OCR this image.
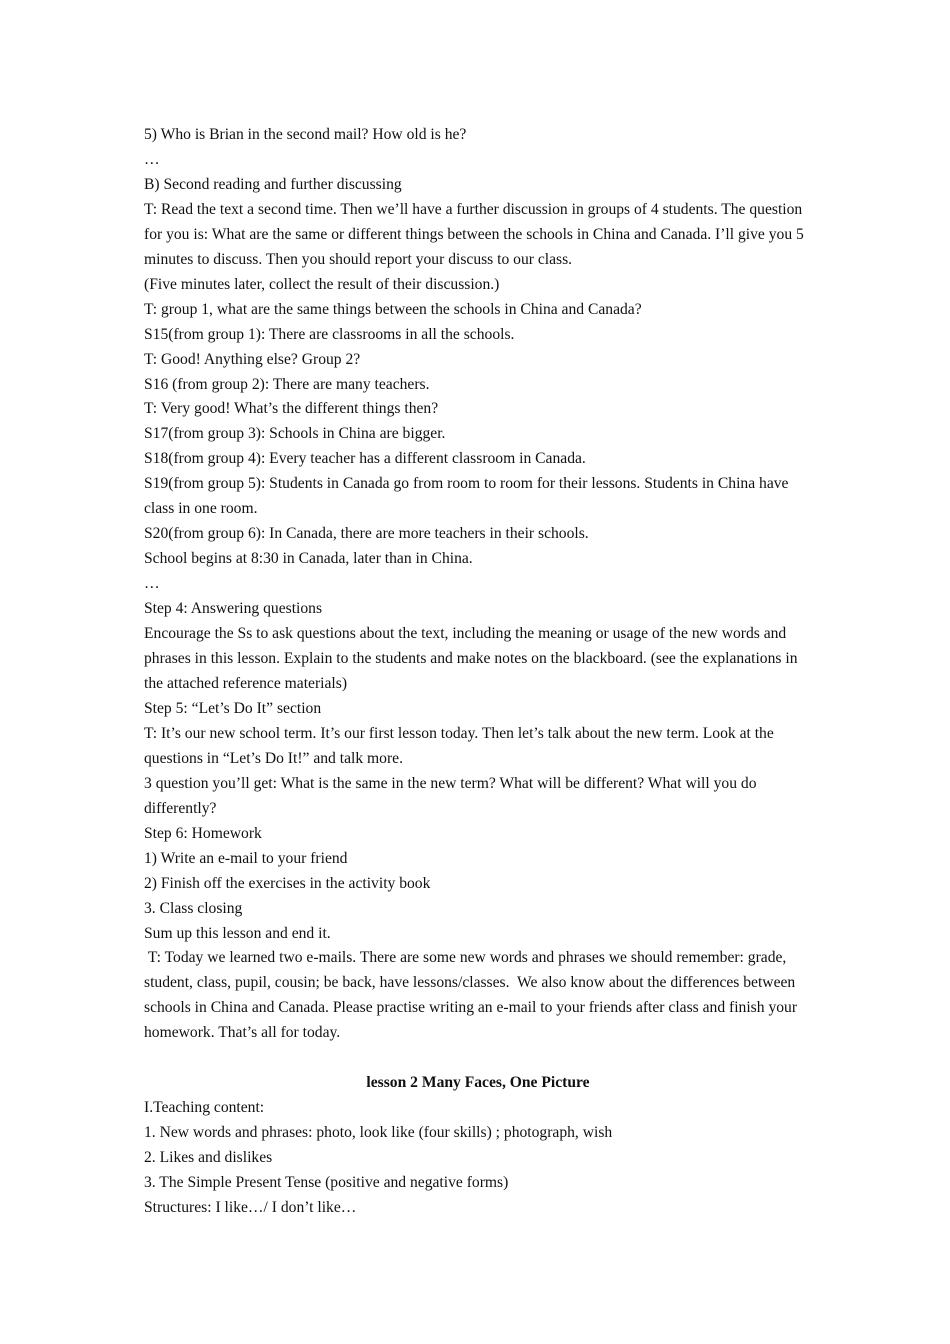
5) Who is Brian in the second mail? How old is he?

…

B) Second reading and further discussing

T: Read the text a second time. Then we’ll have a further discussion in groups of 4 students. The question for you is: What are the same or different things between the schools in China and Canada. I’ll give you 5 minutes to discuss. Then you should report your discuss to our class.

(Five minutes later, collect the result of their discussion.)

T: group 1, what are the same things between the schools in China and Canada?

S15(from group 1): There are classrooms in all the schools.

T: Good! Anything else? Group 2?

S16 (from group 2): There are many teachers.

T: Very good! What’s the different things then?

S17(from group 3): Schools in China are bigger.

S18(from group 4): Every teacher has a different classroom in Canada.

S19(from group 5): Students in Canada go from room to room for their lessons. Students in China have class in one room.

S20(from group 6): In Canada, there are more teachers in their schools.

School begins at 8:30 in Canada, later than in China.

…

Step 4: Answering questions

Encourage the Ss to ask questions about the text, including the meaning or usage of the new words and phrases in this lesson. Explain to the students and make notes on the blackboard. (see the explanations in the attached reference materials)

Step 5: “Let’s Do It” section

T: It’s our new school term. It’s our first lesson today. Then let’s talk about the new term. Look at the questions in “Let’s Do It!” and talk more.

3 question you’ll get: What is the same in the new term? What will be different? What will you do differently?

Step 6: Homework

1) Write an e-mail to your friend

2) Finish off the exercises in the activity book

3. Class closing

Sum up this lesson and end it.

T: Today we learned two e-mails. There are some new words and phrases we should remember: grade, student, class, pupil, cousin; be back, have lessons/classes.  We also know about the differences between schools in China and Canada. Please practise writing an e-mail to your friends after class and finish your homework. That’s all for today.

lesson 2 Many Faces, One Picture

I.Teaching content:

1. New words and phrases: photo, look like (four skills) ; photograph, wish

2. Likes and dislikes

3. The Simple Present Tense (positive and negative forms)

Structures: I like…/ I don’t like…
